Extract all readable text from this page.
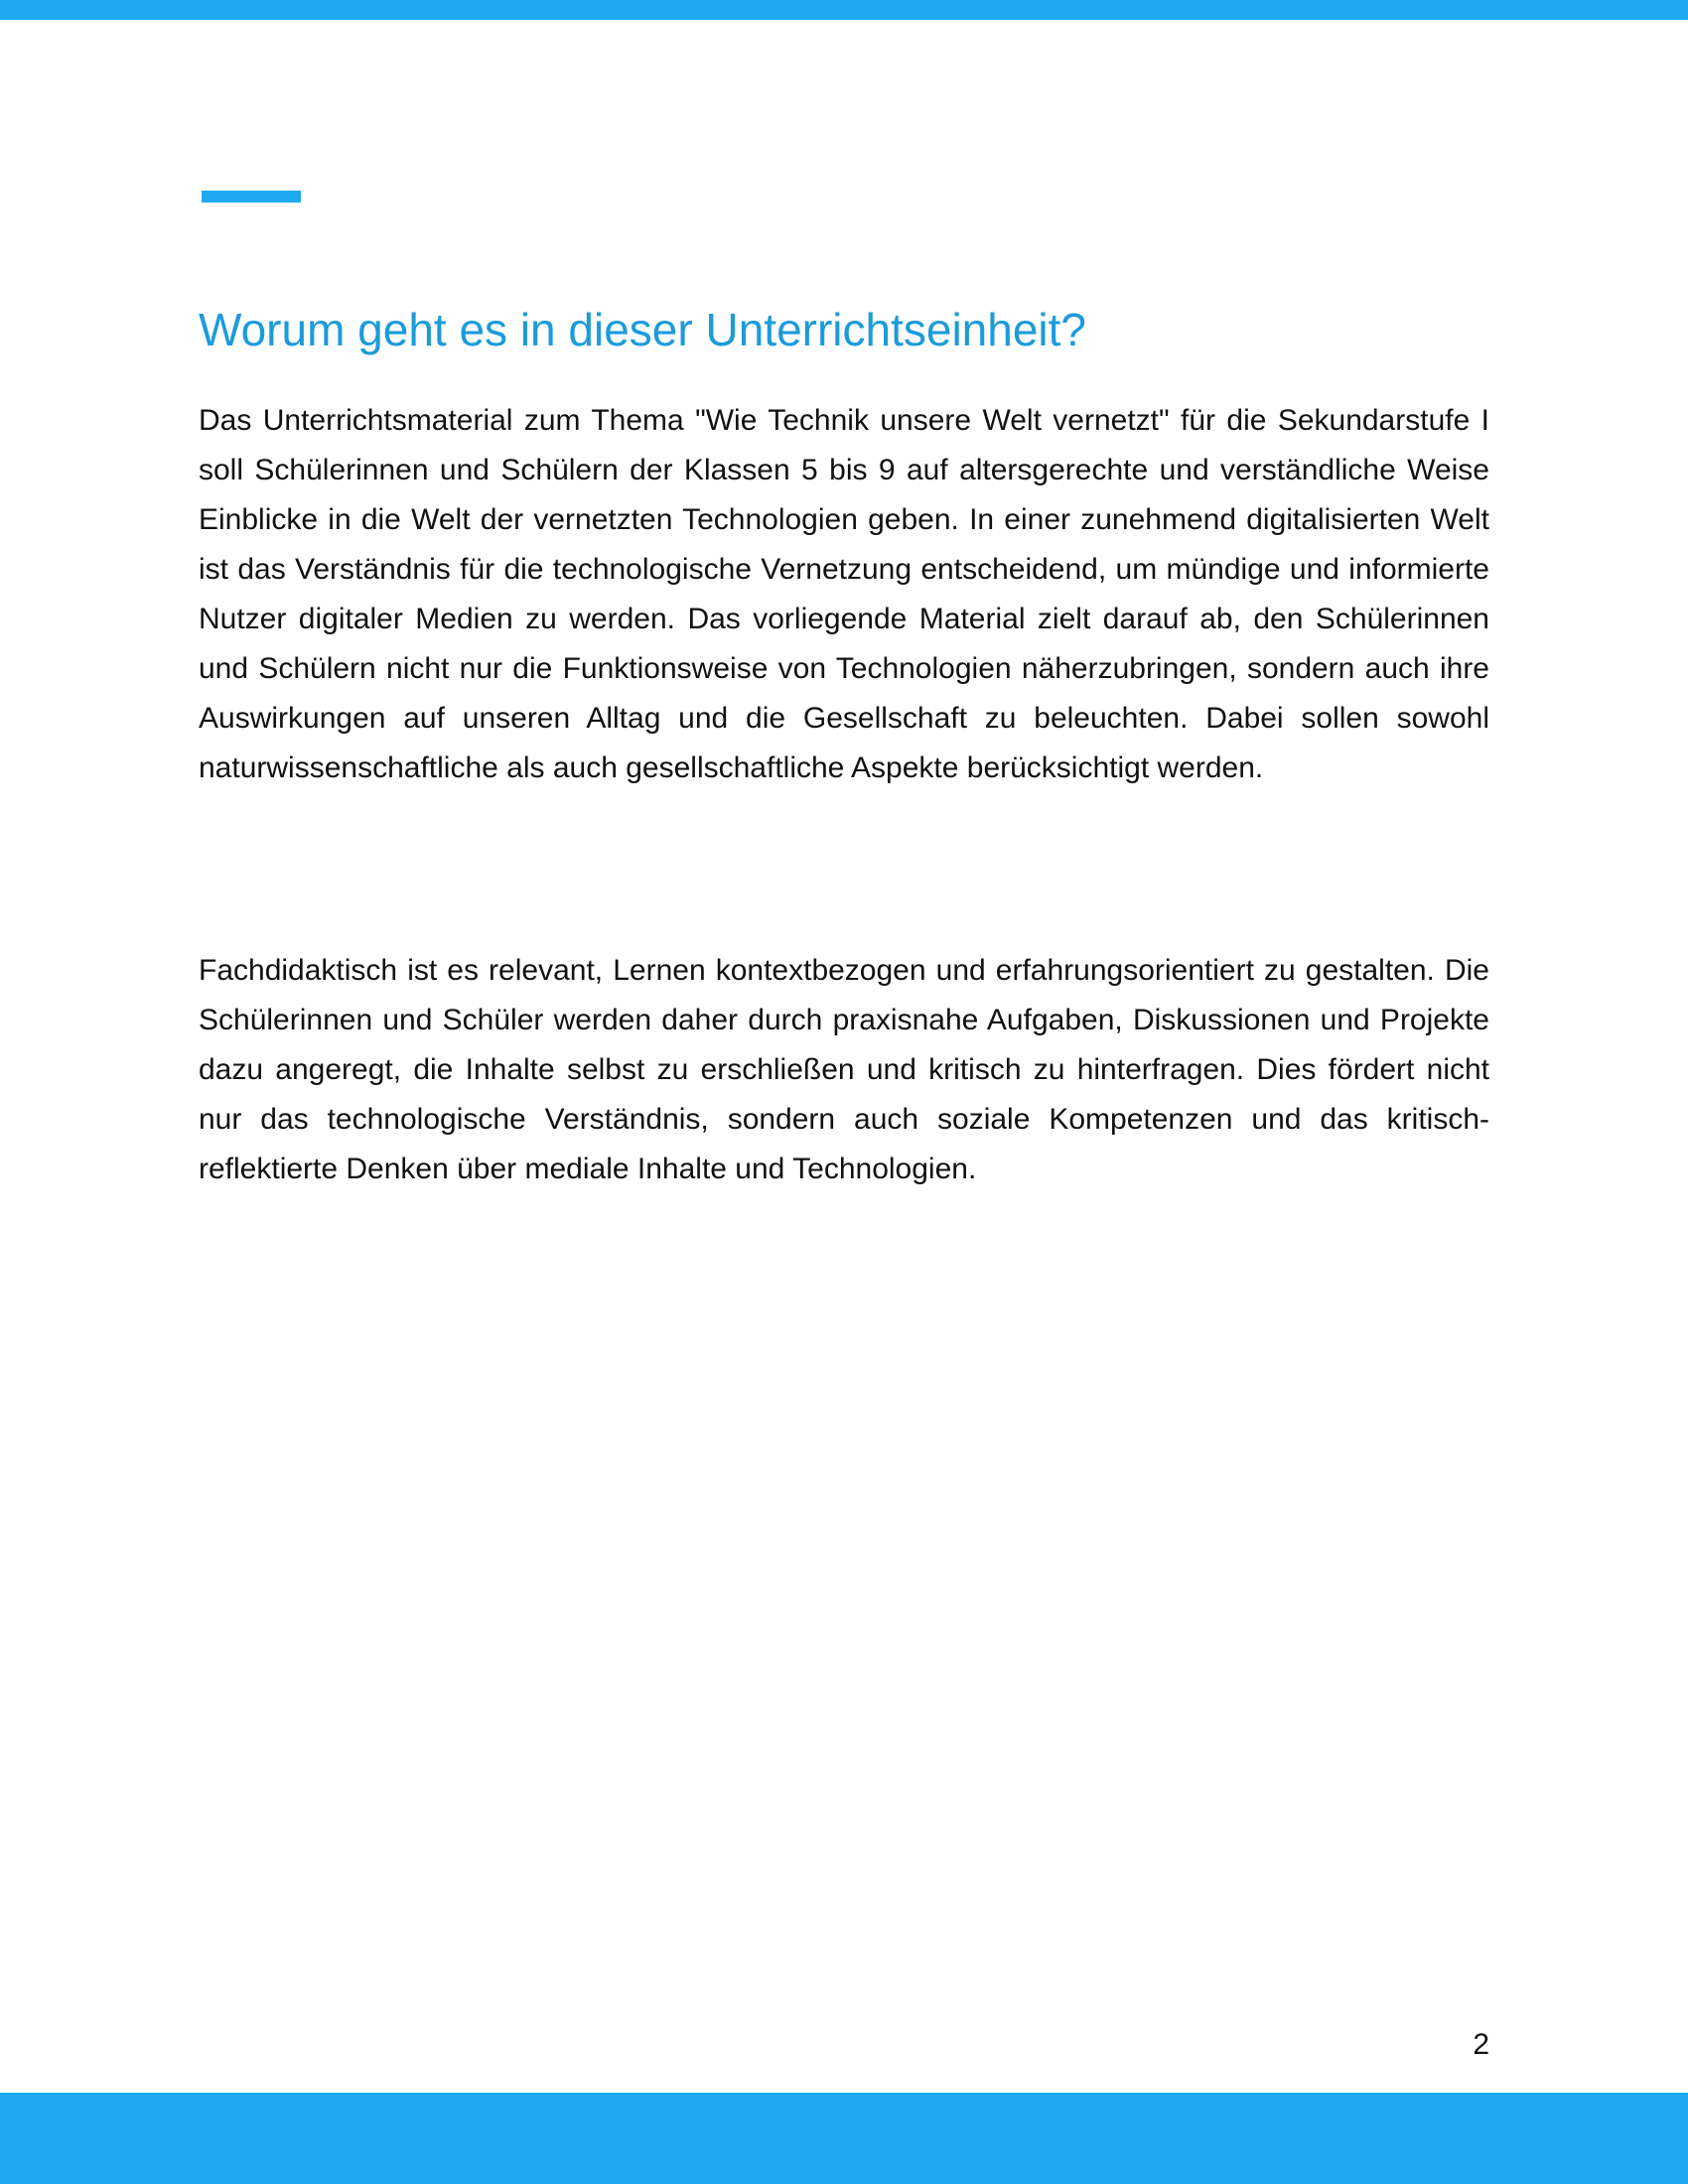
Worum geht es in dieser Unterrichtseinheit?

Das Unterrichtsmaterial zum Thema "Wie Technik unsere Welt vernetzt" für die Sekundarstufe I soll Schülerinnen und Schülern der Klassen 5 bis 9 auf altersgerechte und verständliche Weise Einblicke in die Welt der vernetzten Technologien geben. In einer zunehmend digitalisierten Welt ist das Verständnis für die technologische Vernetzung entscheidend, um mündige und informierte Nutzer digitaler Medien zu werden. Das vorliegende Material zielt darauf ab, den Schülerinnen und Schülern nicht nur die Funktionsweise von Technologien näherzubringen, sondern auch ihre Auswirkungen auf unseren Alltag und die Gesellschaft zu beleuchten. Dabei sollen sowohl naturwissenschaftliche als auch gesellschaftliche Aspekte berücksichtigt werden.

Fachdidaktisch ist es relevant, Lernen kontextbezogen und erfahrungsorientiert zu gestalten. Die Schülerinnen und Schüler werden daher durch praxisnahe Aufgaben, Diskussionen und Projekte dazu angeregt, die Inhalte selbst zu erschließen und kritisch zu hinterfragen. Dies fördert nicht nur das technologische Verständnis, sondern auch soziale Kompetenzen und das kritisch-reflektierte Denken über mediale Inhalte und Technologien.

2
